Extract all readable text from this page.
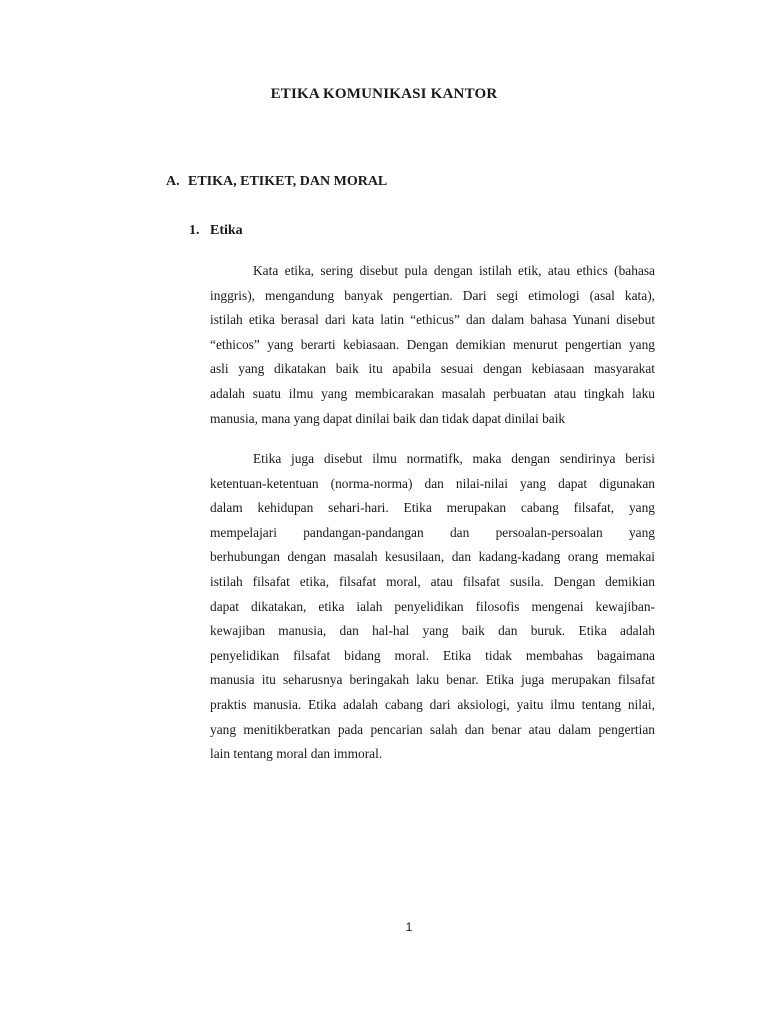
ETIKA KOMUNIKASI KANTOR
A. ETIKA, ETIKET, DAN MORAL
1. Etika
Kata etika, sering disebut pula dengan istilah etik, atau ethics (bahasa
inggris), mengandung banyak pengertian. Dari segi etimologi (asal kata),
istilah etika berasal dari kata latin “ethicus” dan dalam bahasa Yunani disebut
“ethicos” yang berarti kebiasaan. Dengan demikian menurut pengertian yang
asli yang dikatakan baik itu apabila sesuai dengan kebiasaan masyarakat
adalah suatu ilmu yang membicarakan masalah perbuatan atau tingkah laku
manusia, mana yang dapat dinilai baik dan tidak dapat dinilai baik
Etika juga disebut ilmu normatifk, maka dengan sendirinya berisi
ketentuan-ketentuan (norma-norma) dan nilai-nilai yang dapat digunakan
dalam kehidupan sehari-hari. Etika merupakan cabang filsafat, yang
mempelajari pandangan-pandangan dan persoalan-persoalan yang
berhubungan dengan masalah kesusilaan, dan kadang-kadang orang memakai
istilah filsafat etika, filsafat moral, atau filsafat susila. Dengan demikian
dapat dikatakan, etika ialah penyelidikan filosofis mengenai kewajiban-
kewajiban manusia, dan hal-hal yang baik dan buruk. Etika adalah
penyelidikan filsafat bidang moral. Etika tidak membahas bagaimana
manusia itu seharusnya beringakah laku benar. Etika juga merupakan filsafat
praktis manusia. Etika adalah cabang dari aksiologi, yaitu ilmu tentang nilai,
yang menitikberatkan pada pencarian salah dan benar atau dalam pengertian
lain tentang moral dan immoral.

1
